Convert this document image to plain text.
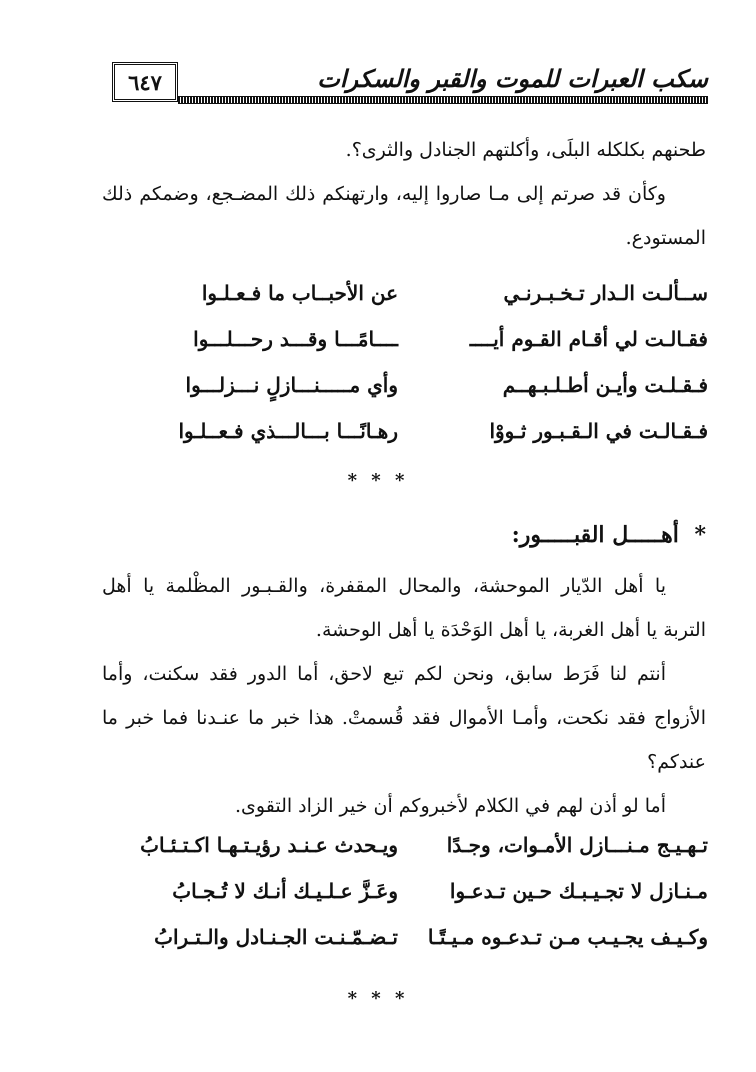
٦٤٧	سكب العبرات للموت والقبر والسكرات

طحنهم بكلكله البلَى، وأكلتهم الجنادل والثرى؟.

وكأن قد صرتم إلى مـا صاروا إليه، وارتهنكم ذلك المضـجع، وضمكم ذلك المستودع.

ســألـت الـدار تـخـبـرنـي
عن الأحبــاب ما فـعـلـوا
فقـالـت لي أقـام القـوم أيــــ
ــــامًـــا وقـــد رحـــلـــوا
فـقـلـت وأيـن أطـلـبـهــم
وأي مـــــنـــازلٍ نـــزلـــوا
فـقـالـت في الـقـبـور ثـووْا
رهـانًـــا بـــالـــذي فـعــلـوا
* * *
* أهـــــل القبـــــور:

يا أهل الدّيار الموحشة، والمحال المقفرة، والقـبـور المظْلمة يا أهل التربة يا أهل الغربة، يا أهل الوَحْدَة يا أهل الوحشة.

أنتم لنا فَرَط سابق، ونحن لكم تبع لاحق، أما الدور فقد سكنت، وأما الأزواج فقد نكحت، وأمـا الأموال فقد قُسمتْ. هذا خبر ما عنـدنا فما خبر ما عندكم؟

أما لو أذن لهم في الكلام لأخبروكم أن خير الزاد التقوى.

تـهـيـج مـنـــازل الأمـوات، وجـدًا
ويـحدث عـنـد رؤيـتـهـا اكـتـئـابُ
مـنـازل لا تجـيـبـك حـين تـدعـوا
وعَـزَّ عـلـيـك أنـك لا تُـجـابُ
وكـيـف يجـيـب مـن تـدعـوه مـيـتًـا
تـضـمّـنـت الجـنـادل والـتـرابُ
* * *
